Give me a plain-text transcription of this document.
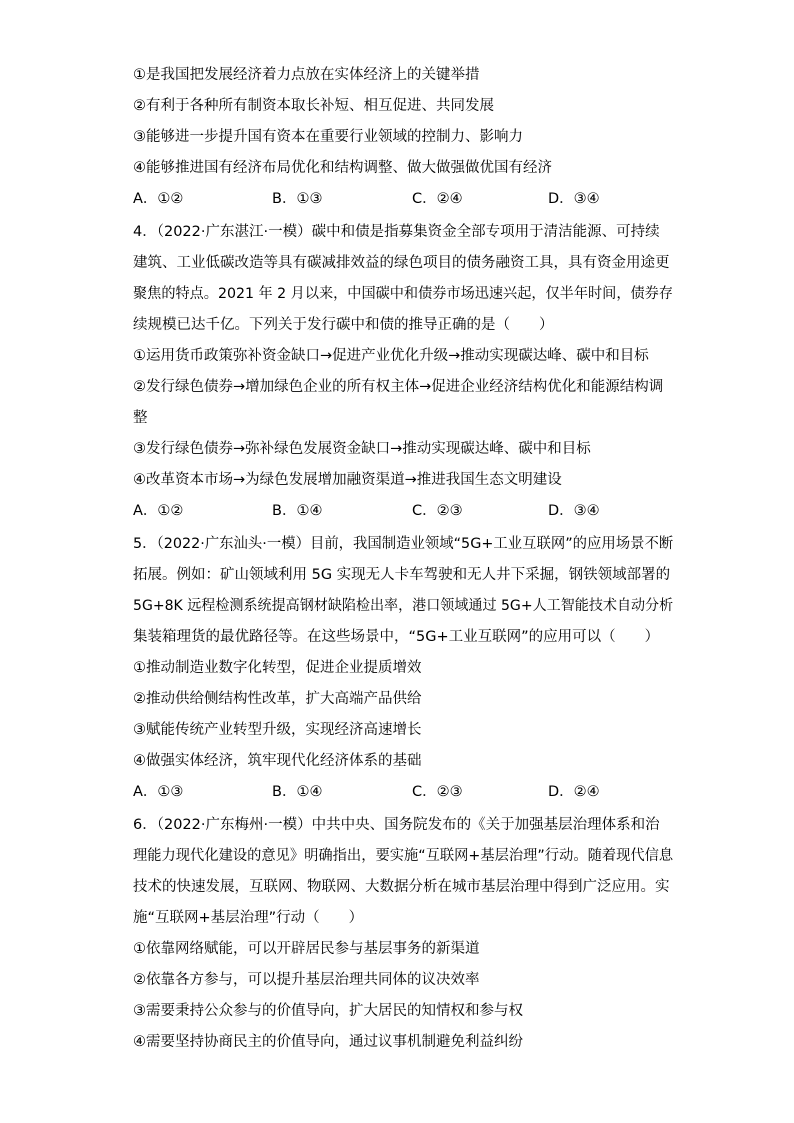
①是我国把发展经济着力点放在实体经济上的关键举措
②有利于各种所有制资本取长补短、相互促进、共同发展
③能够进一步提升国有资本在重要行业领域的控制力、影响力
④能够推进国有经济布局优化和结构调整、做大做强做优国有经济
A．①②	B．①③	C．②④	D．③④
4．（2022·广东湛江·一模）碳中和债是指募集资金全部专项用于清洁能源、可持续
建筑、工业低碳改造等具有碳减排效益的绿色项目的债务融资工具，具有资金用途更
聚焦的特点。2021 年 2 月以来，中国碳中和债券市场迅速兴起，仅半年时间，债券存
续规模已达千亿。下列关于发行碳中和债的推导正确的是（　　）
①运用货币政策弥补资金缺口→促进产业优化升级→推动实现碳达峰、碳中和目标
②发行绿色债券→增加绿色企业的所有权主体→促进企业经济结构优化和能源结构调
整
③发行绿色债券→弥补绿色发展资金缺口→推动实现碳达峰、碳中和目标
④改革资本市场→为绿色发展增加融资渠道→推进我国生态文明建设
A．①②	B．①④	C．②③	D．③④
5．（2022·广东汕头·一模）目前，我国制造业领域“5G+工业互联网”的应用场景不断
拓展。例如：矿山领域利用 5G 实现无人卡车驾驶和无人井下采掘，钢铁领域部署的
5G+8K 远程检测系统提高钢材缺陷检出率，港口领域通过 5G+人工智能技术自动分析
集装箱理货的最优路径等。在这些场景中，“5G+工业互联网”的应用可以（　　）
①推动制造业数字化转型，促进企业提质增效
②推动供给侧结构性改革，扩大高端产品供给
③赋能传统产业转型升级，实现经济高速增长
④做强实体经济，筑牢现代化经济体系的基础
A．①③	B．①④	C．②③	D．②④
6．（2022·广东梅州·一模）中共中央、国务院发布的《关于加强基层治理体系和治
理能力现代化建设的意见》明确指出，要实施“互联网+基层治理”行动。随着现代信息
技术的快速发展，互联网、物联网、大数据分析在城市基层治理中得到广泛应用。实
施“互联网+基层治理”行动（　　）
①依靠网络赋能，可以开辟居民参与基层事务的新渠道
②依靠各方参与，可以提升基层治理共同体的议决效率
③需要秉持公众参与的价值导向，扩大居民的知情权和参与权
④需要坚持协商民主的价值导向，通过议事机制避免利益纠纷
